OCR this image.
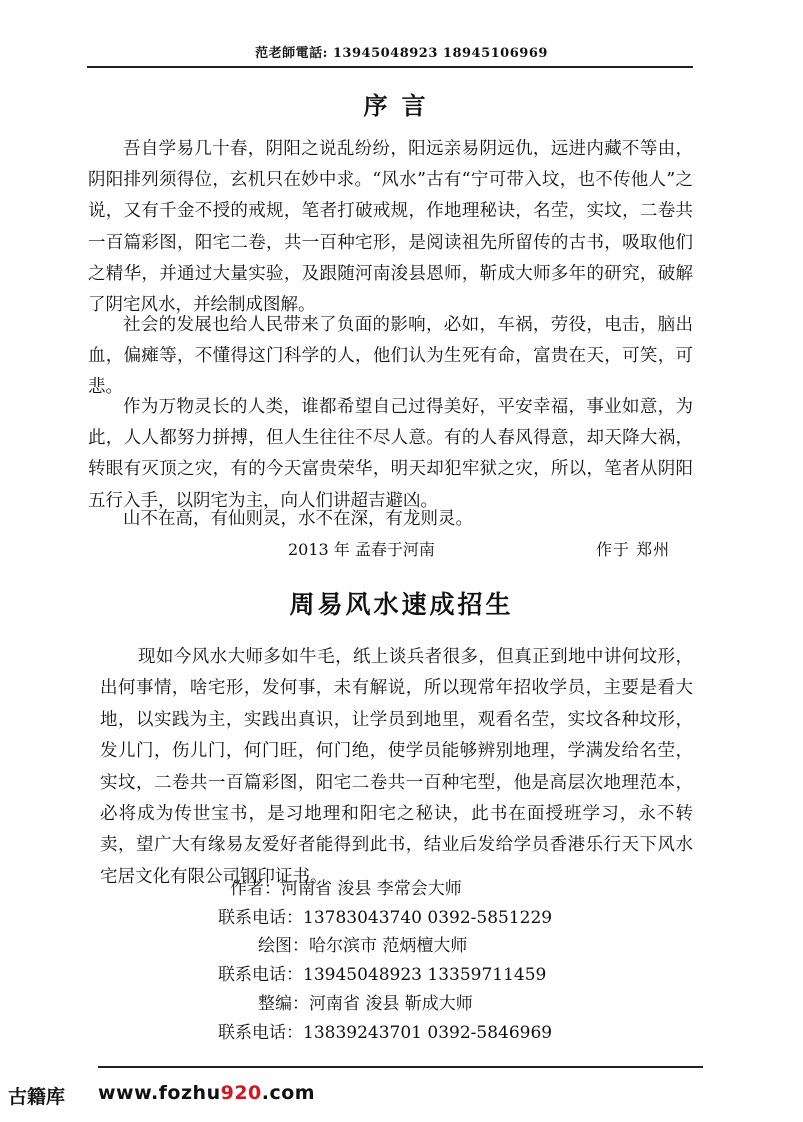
范老師電話: 13945048923 18945106969
序言

吾自学易几十春，阴阳之说乱纷纷，阳远亲易阴远仇，远进内藏不等由，阴阳排列须得位，玄机只在妙中求。“风水”古有“宁可带入坟，也不传他人”之说，又有千金不授的戒规，笔者打破戒规，作地理秘诀，名茔，实坟，二卷共一百篇彩图，阳宅二卷，共一百种宅形，是阅读祖先所留传的古书，吸取他们之精华，并通过大量实验，及跟随河南浚县恩师，靳成大师多年的研究，破解了阴宅风水，并绘制成图解。

社会的发展也给人民带来了负面的影响，必如，车祸，劳役，电击，脑出血，偏瘫等，不懂得这门科学的人，他们认为生死有命，富贵在天，可笑，可悲。

作为万物灵长的人类，谁都希望自己过得美好，平安幸福，事业如意，为此，人人都努力拼搏，但人生往往不尽人意。有的人春风得意，却天降大祸，转眼有灭顶之灾，有的今天富贵荣华，明天却犯牢狱之灾，所以，笔者从阴阳五行入手，以阴宅为主，向人们讲超吉避凶。

山不在高，有仙则灵，水不在深，有龙则灵。

2013 年 孟春于河南	作于 郑州
周易风水速成招生

现如今风水大师多如牛毛，纸上谈兵者很多，但真正到地中讲何坟形，出何事情，啥宅形，发何事，未有解说，所以现常年招收学员，主要是看大地，以实践为主，实践出真识，让学员到地里，观看名茔，实坟各种坟形，发儿门，伤儿门，何门旺，何门绝，使学员能够辨别地理，学满发给名茔，实坟，二卷共一百篇彩图，阳宅二卷共一百种宅型，他是高层次地理范本，必将成为传世宝书，是习地理和阳宅之秘诀，此书在面授班学习，永不转卖，望广大有缘易友爱好者能得到此书，结业后发给学员香港乐行天下风水宅居文化有限公司钢印证书。

作者：河南省 浚县 李常会大师
联系电话：13783043740 0392-5851229
绘图：哈尔滨市 范炳檀大师
联系电话：13945048923 13359711459
整编：河南省 浚县 靳成大师
联系电话：13839243701 0392-5846969
古籍库 www.fozhu920.com
